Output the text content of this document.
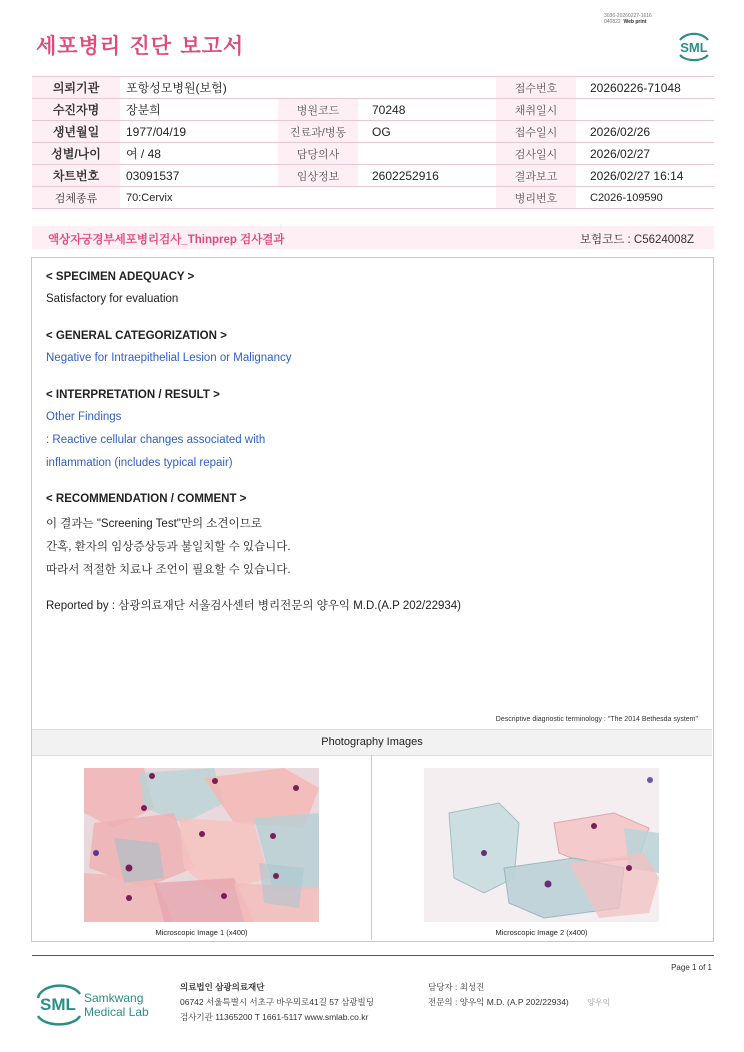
세포병리 진단 보고서
3036-20260227-1616
040822 Web print
SML
의뢰기관	포항성모병원(보험)			접수번호	20260226-71048
수진자명	장분희	병원코드	70248	채취일시	
생년월일	1977/04/19	진료과/병동	OG	접수일시	2026/02/26
성별/나이	여 / 48	담당의사		검사일시	2026/02/27
차트번호	03091537	임상정보	2602252916	결과보고	2026/02/27 16:14
검체종류	70:Cervix			병리번호	C2026-109590
액상자궁경부세포병리검사_Thinprep 검사결과	보험코드 : C5624008Z
< SPECIMEN ADEQUACY >
Satisfactory for evaluation
< GENERAL CATEGORIZATION >
Negative for Intraepithelial Lesion or Malignancy
< INTERPRETATION / RESULT >
Other Findings
: Reactive cellular changes associated with
inflammation (includes typical repair)
< RECOMMENDATION / COMMENT >
이 결과는 "Screening Test"만의 소견이므로
간혹, 환자의 임상증상등과 불일치할 수 있습니다.
따라서 적절한 치료나 조언이 필요할 수 있습니다.
Reported by : 삼광의료재단 서울검사센터 병리전문의 양우익 M.D.(A.P 202/22934)
Descriptive diagnostic terminology : "The 2014 Bethesda system"
Photography Images
Microscopic Image 1 (x400)	Microscopic Image 2 (x400)
Page 1 of 1
SML Samkwang
Medical Lab
의료법인 삼광의료재단
06742 서울특별시 서초구 바우뫼로41길 57 삼광빌딩
검사기관 11365200 T 1661-5117 www.smlab.co.kr
담당자 : 최성진
전문의 : 양우익 M.D. (A.P 202/22934) 양우익
